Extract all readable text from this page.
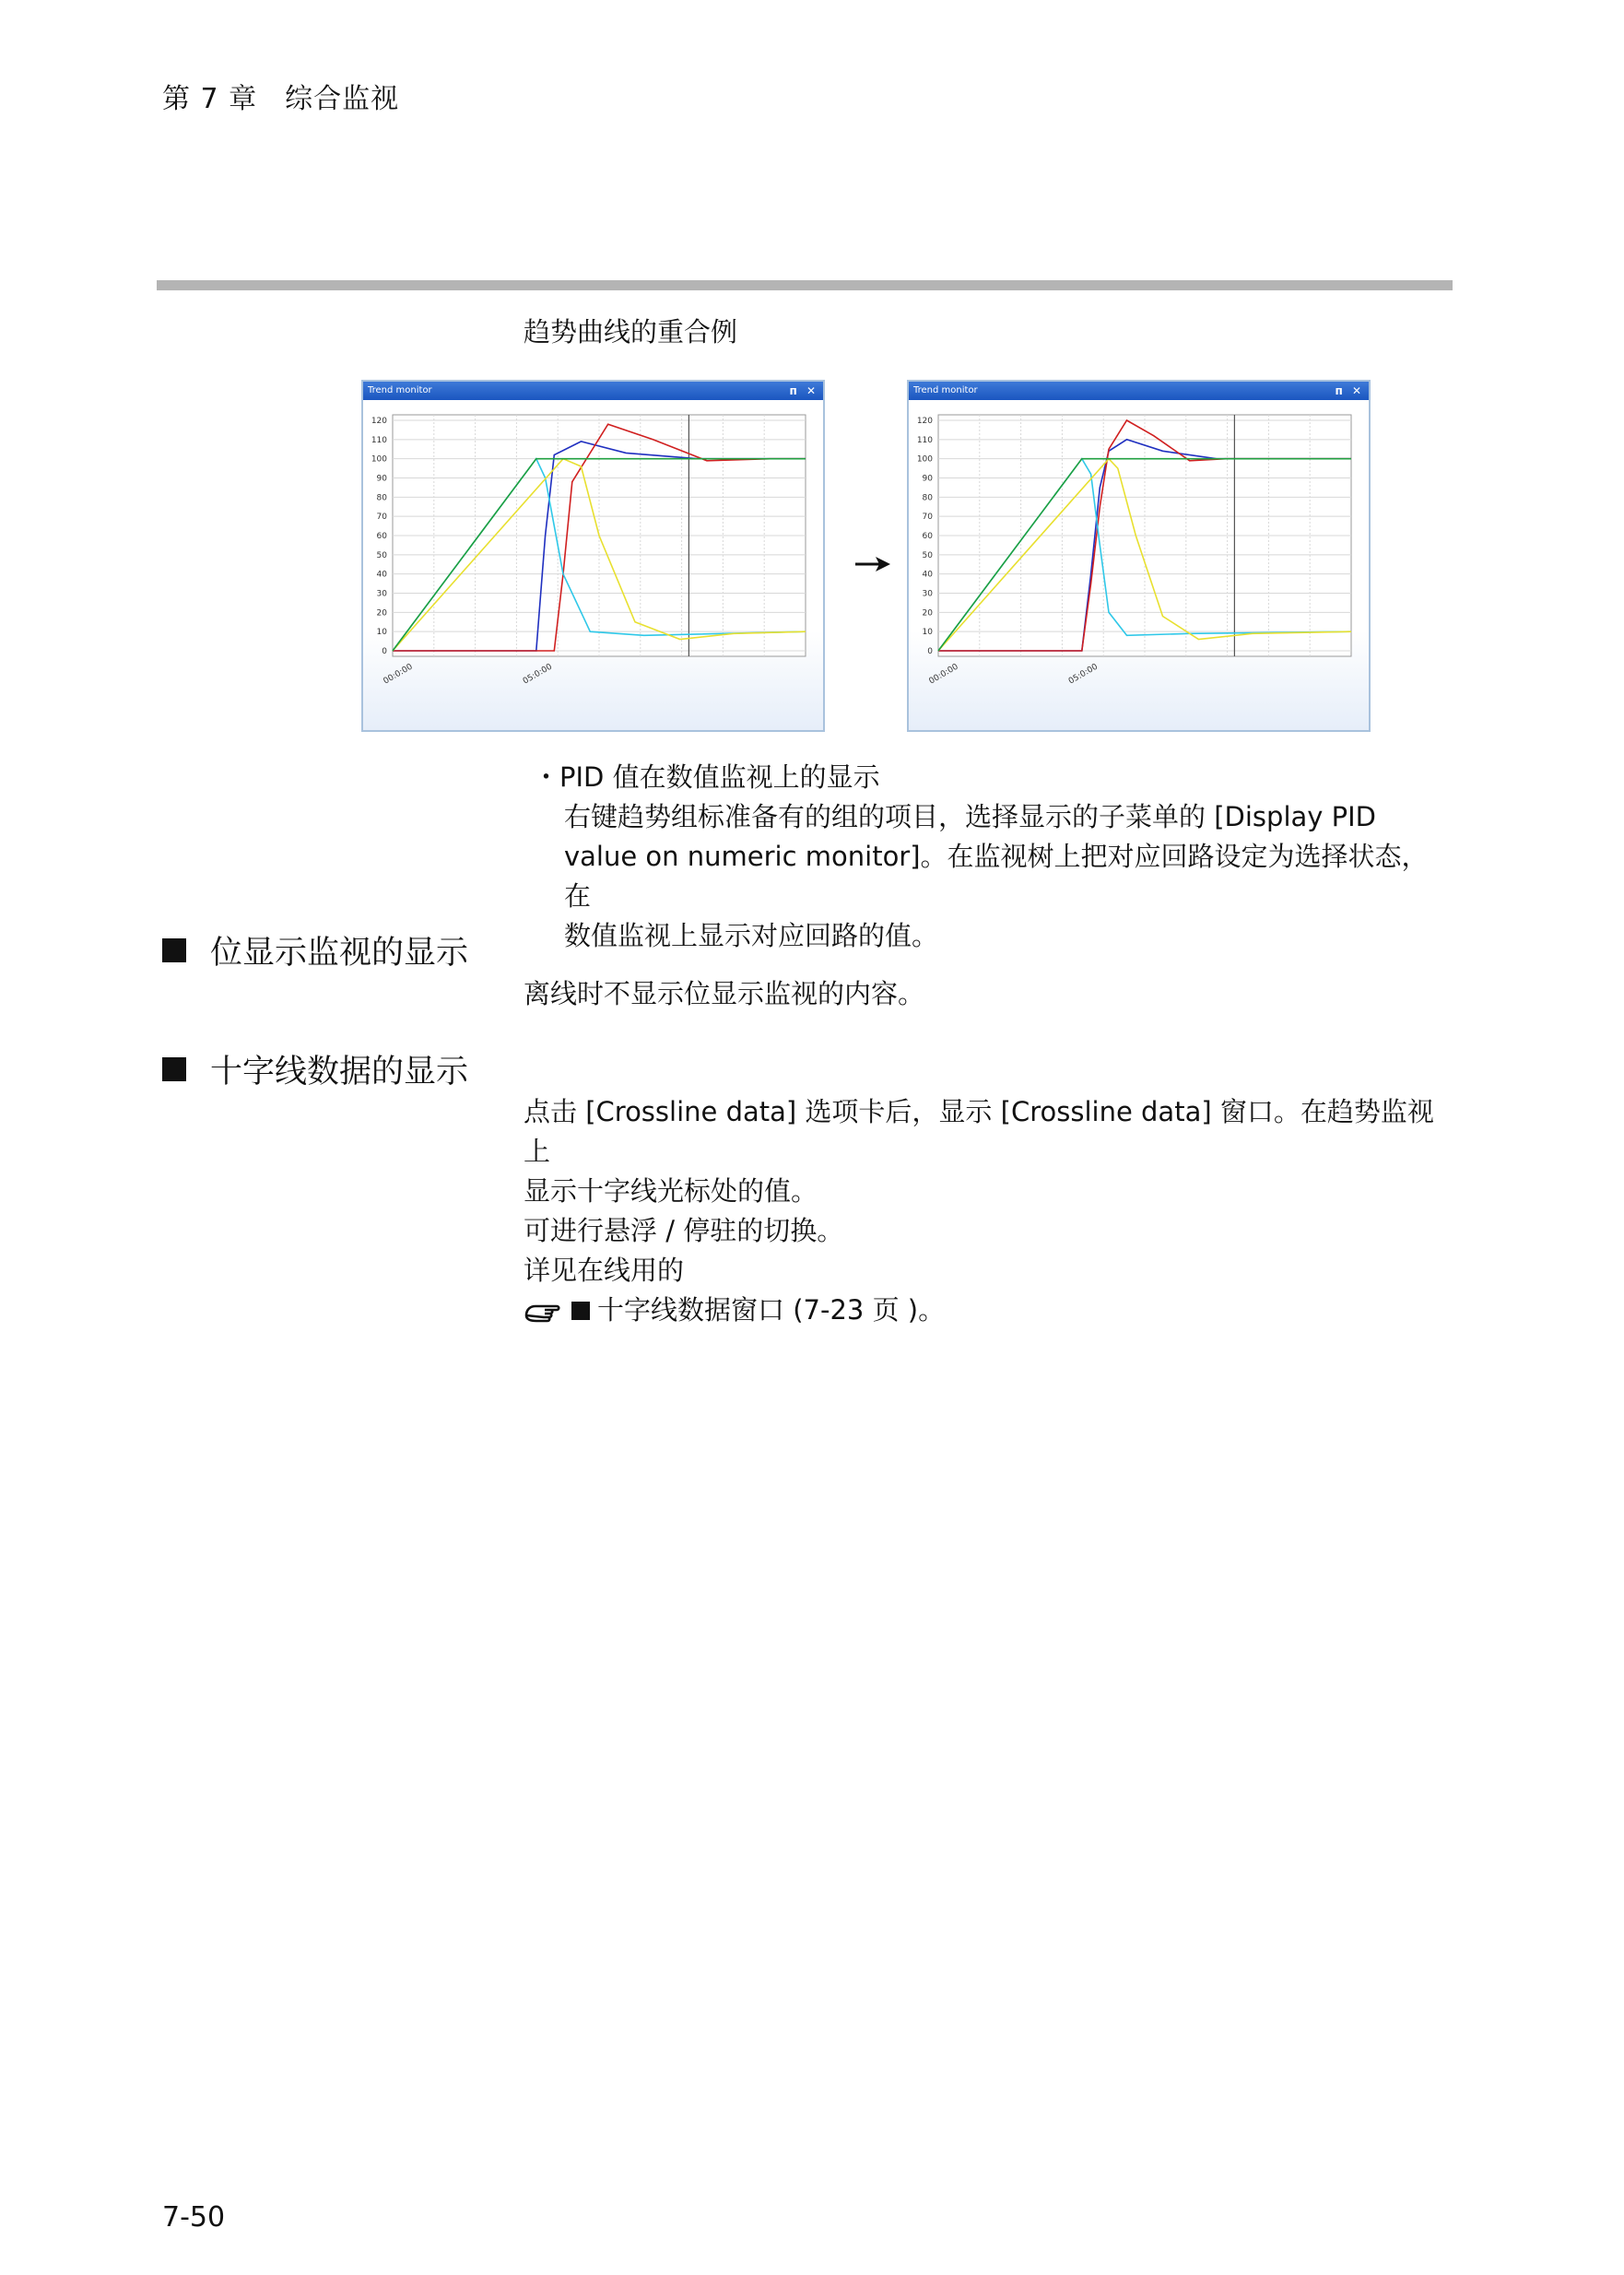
第 7 章 综合监视
趋势曲线的重合例
Trend monitor	ᴨ ✕
120
110
100
90
80
70
60
50
40
30
20
10
0
00:0:00	05:0:00
Trend monitor	ᴨ ✕
120
110
100
90
80
70
60
50
40
30
20
10
0
00:0:00	05:0:00
・PID 值在数值监视上的显示
右键趋势组标准备有的组的项目，选择显示的子菜单的 [Display PID
value on numeric monitor]。在监视树上把对应回路设定为选择状态，在
数值监视上显示对应回路的值。
位显示监视的显示
离线时不显示位显示监视的内容。
十字线数据的显示
点击 [Crossline data] 选项卡后，显示 [Crossline data] 窗口。在趋势监视上
显示十字线光标处的值。
可进行悬浮 / 停驻的切换。
详见在线用的
十字线数据窗口 (7-23 页 )。
7-50
